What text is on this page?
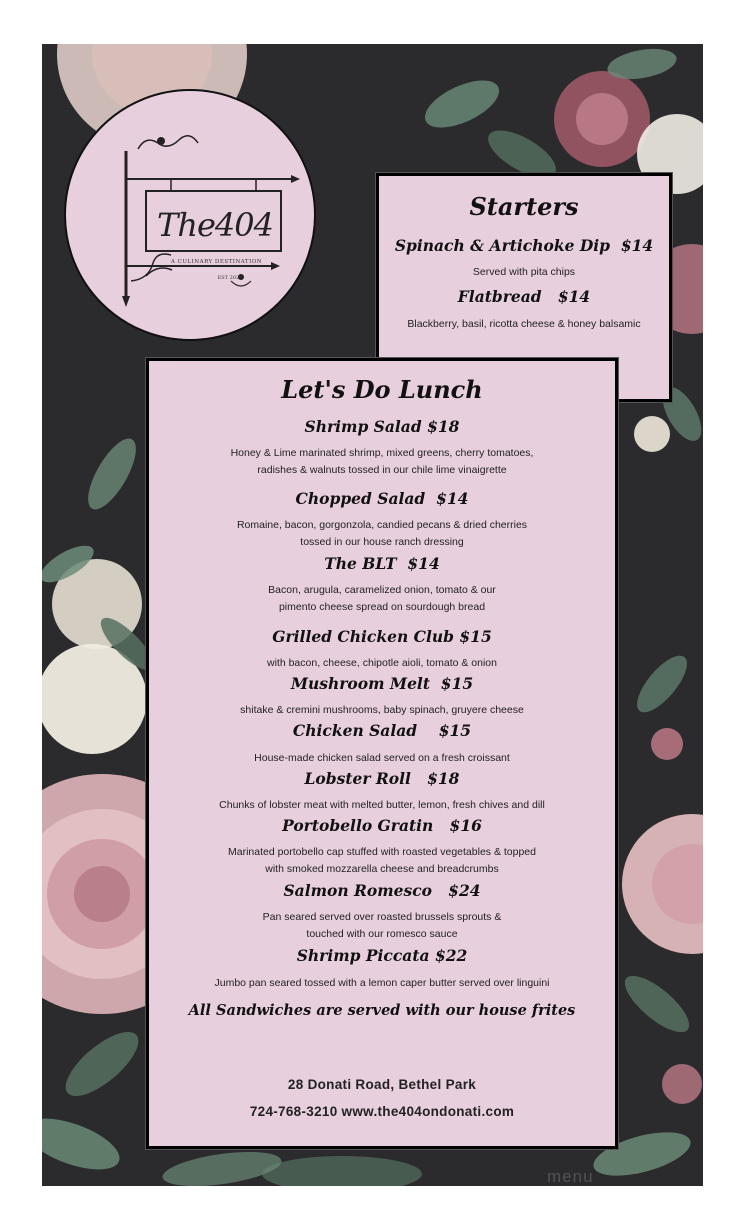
The404
A CULINARY DESTINATION
EST 2022
Starters
Spinach & Artichoke Dip $14
Served with pita chips
Flatbread $14
Blackberry, basil, ricotta cheese & honey balsamic
Let's Do Lunch
Shrimp Salad $18
Honey & Lime marinated shrimp, mixed greens, cherry tomatoes,
radishes & walnuts tossed in our chile lime vinaigrette
Chopped Salad $14
Romaine, bacon, gorgonzola, candied pecans & dried cherries
tossed in our house ranch dressing
The BLT $14
Bacon, arugula, caramelized onion, tomato & our
pimento cheese spread on sourdough bread
Grilled Chicken Club $15
with bacon, cheese, chipotle aioli, tomato & onion
Mushroom Melt $15
shitake & cremini mushrooms, baby spinach, gruyere cheese
Chicken Salad $15
House-made chicken salad served on a fresh croissant
Lobster Roll $18
Chunks of lobster meat with melted butter, lemon, fresh chives and dill
Portobello Gratin $16
Marinated portobello cap stuffed with roasted vegetables & topped
with smoked mozzarella cheese and breadcrumbs
Salmon Romesco $24
Pan seared served over roasted brussels sprouts &
touched with our romesco sauce
Shrimp Piccata $22
Jumbo pan seared tossed with a lemon caper butter served over linguini
All Sandwiches are served with our house frites
28 Donati Road, Bethel Park
724-768-3210 www.the404ondonati.com
menu
